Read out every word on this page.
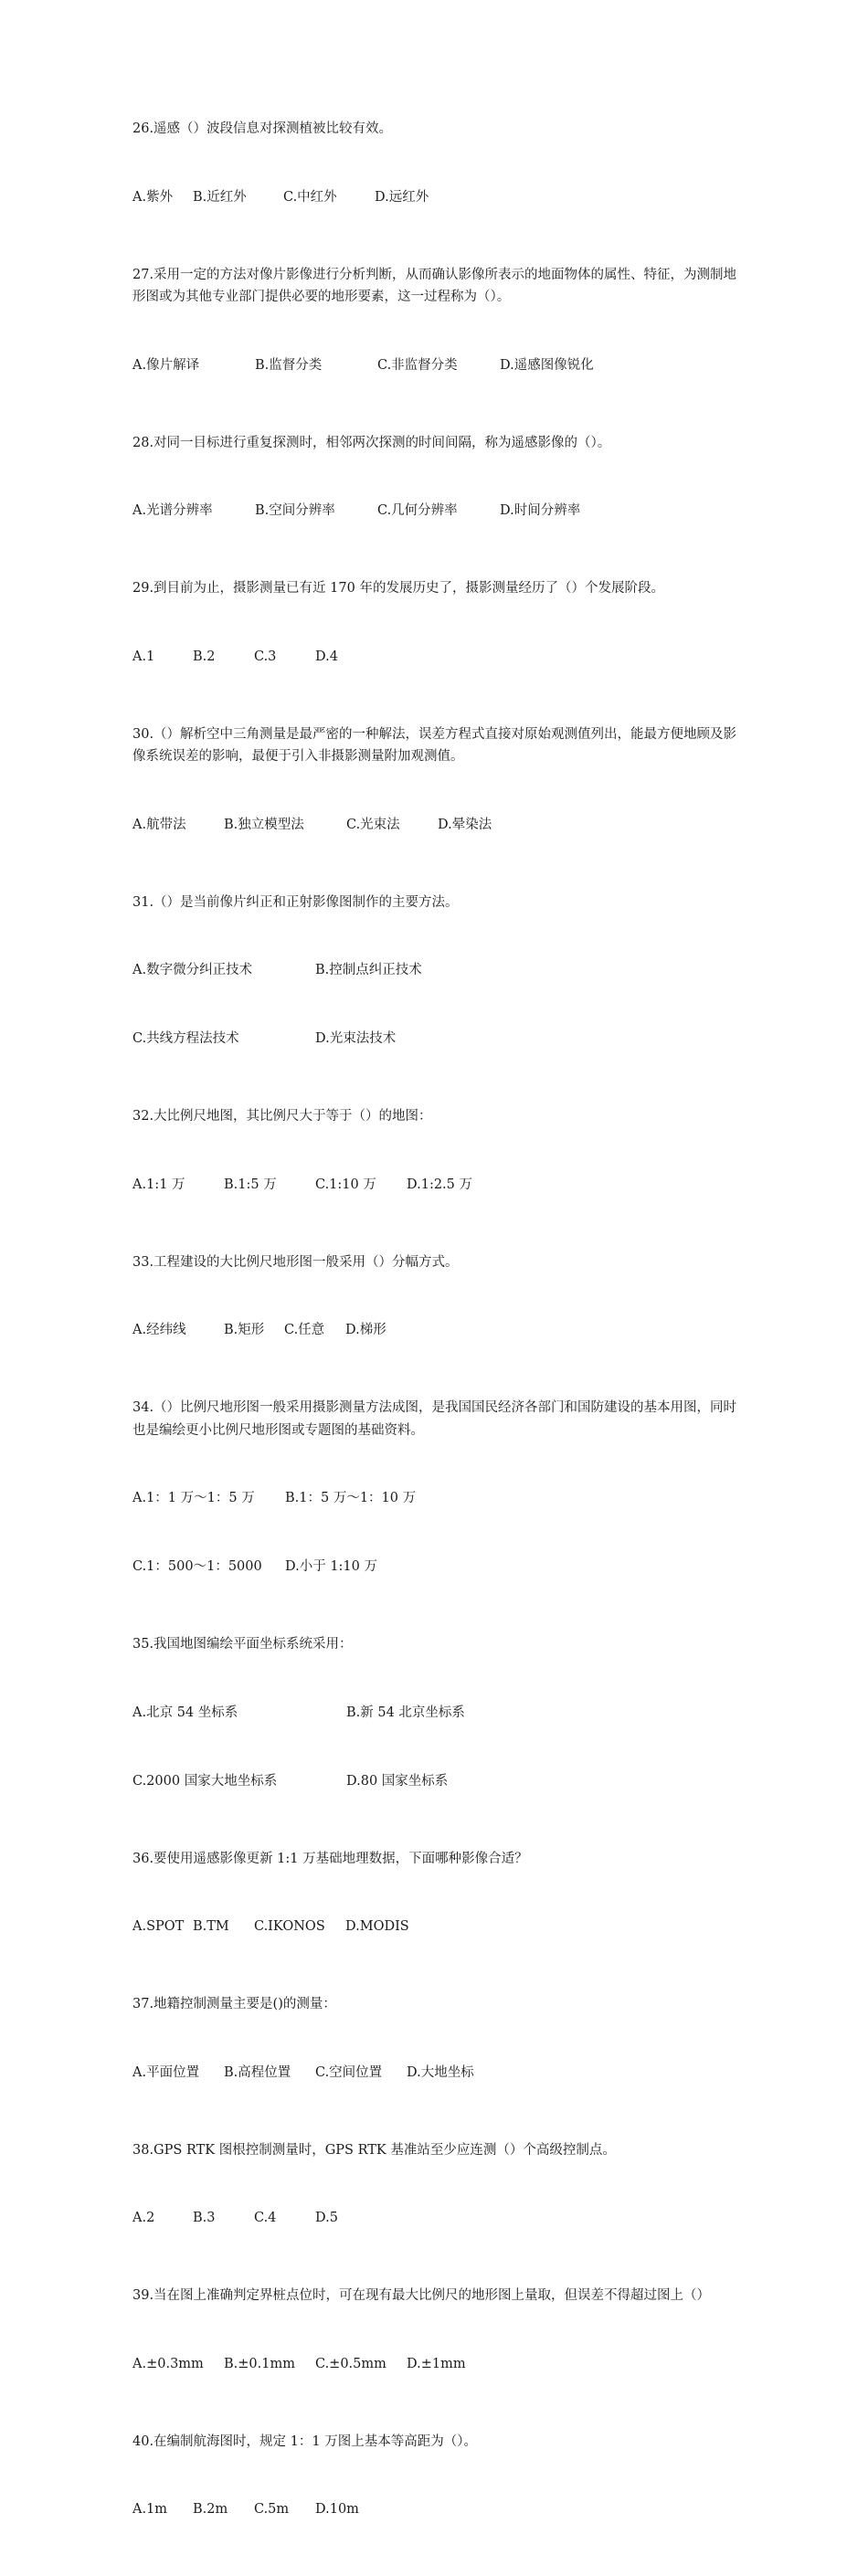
26.遥感（）波段信息对探测植被比较有效。

A.紫外 B.近红外	C.中红外	D.远红外

27.采用一定的方法对像片影像进行分析判断，从而确认影像所表示的地面物体的属性、特征，为测制地形图或为其他专业部门提供必要的地形要素，这一过程称为（）。

A.像片解译	B.监督分类	C.非监督分类	D.遥感图像锐化

28.对同一目标进行重复探测时，相邻两次探测的时间间隔，称为遥感影像的（）。

A.光谱分辨率	B.空间分辨率	C.几何分辨率	D.时间分辨率

29.到目前为止，摄影测量已有近 170 年的发展历史了，摄影测量经历了（）个发展阶段。

A.1	B.2	C.3	D.4

30.（）解析空中三角测量是最严密的一种解法，误差方程式直接对原始观测值列出，能最方便地顾及影像系统误差的影响，最便于引入非摄影测量附加观测值。

A.航带法	B.独立模型法	C.光束法	D.晕染法

31.（）是当前像片纠正和正射影像图制作的主要方法。

A.数字微分纠正技术	B.控制点纠正技术

C.共线方程法技术	D.光束法技术

32.大比例尺地图，其比例尺大于等于（）的地图：

A.1:1 万	B.1:5 万	C.1:10 万 D.1:2.5 万

33.工程建设的大比例尺地形图一般采用（）分幅方式。

A.经纬线	B.矩形 C.任意 D.梯形

34.（）比例尺地形图一般采用摄影测量方法成图，是我国国民经济各部门和国防建设的基本用图，同时也是编绘更小比例尺地形图或专题图的基础资料。

A.1：1 万～1：5 万 B.1：5 万～1：10 万

C.1：500～1：5000 D.小于 1:10 万

35.我国地图编绘平面坐标系统采用：

A.北京 54 坐标系	B.新 54 北京坐标系

C.2000 国家大地坐标系	D.80 国家坐标系

36.要使用遥感影像更新 1:1 万基础地理数据，下面哪种影像合适？

A.SPOT B.TM C.IKONOS D.MODIS

37.地籍控制测量主要是()的测量：

A.平面位置 B.高程位置 C.空间位置 D.大地坐标

38.GPS RTK 图根控制测量时，GPS RTK 基准站至少应连测（）个高级控制点。

A.2	B.3	C.4	D.5

39.当在图上准确判定界桩点位时，可在现有最大比例尺的地形图上量取，但误差不得超过图上（）

A.±0.3mm B.±0.1mm C.±0.5mm D.±1mm

40.在编制航海图时，规定 1：1 万图上基本等高距为（）。

A.1m B.2m C.5m D.10m
